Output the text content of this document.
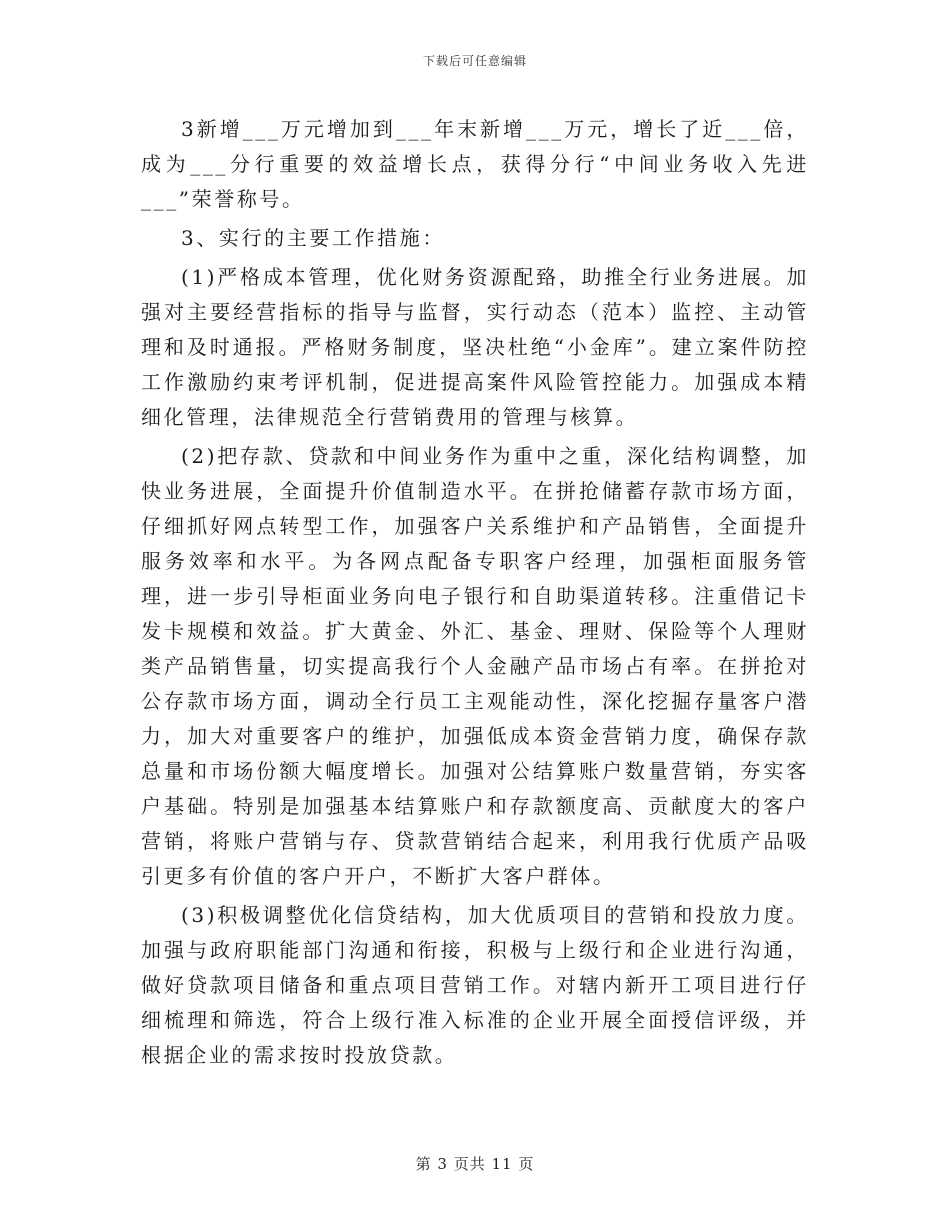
下载后可任意编辑

3新增___万元增加到___年末新增___万元，增长了近___倍，成为___分行重要的效益增长点，获得分行“中间业务收入先进___”荣誉称号。

3、实行的主要工作措施：

(1)严格成本管理，优化财务资源配臵，助推全行业务进展。加强对主要经营指标的指导与监督，实行动态（范本）监控、主动管理和及时通报。严格财务制度，坚决杜绝“小金库”。建立案件防控工作激励约束考评机制，促进提高案件风险管控能力。加强成本精细化管理，法律规范全行营销费用的管理与核算。

(2)把存款、贷款和中间业务作为重中之重，深化结构调整，加快业务进展，全面提升价值制造水平。在拼抢储蓄存款市场方面，仔细抓好网点转型工作，加强客户关系维护和产品销售，全面提升服务效率和水平。为各网点配备专职客户经理，加强柜面服务管理，进一步引导柜面业务向电子银行和自助渠道转移。注重借记卡发卡规模和效益。扩大黄金、外汇、基金、理财、保险等个人理财类产品销售量，切实提高我行个人金融产品市场占有率。在拼抢对公存款市场方面，调动全行员工主观能动性，深化挖掘存量客户潜力，加大对重要客户的维护，加强低成本资金营销力度，确保存款总量和市场份额大幅度增长。加强对公结算账户数量营销，夯实客户基础。特别是加强基本结算账户和存款额度高、贡献度大的客户营销，将账户营销与存、贷款营销结合起来，利用我行优质产品吸引更多有价值的客户开户，不断扩大客户群体。

(3)积极调整优化信贷结构，加大优质项目的营销和投放力度。加强与政府职能部门沟通和衔接，积极与上级行和企业进行沟通，做好贷款项目储备和重点项目营销工作。对辖内新开工项目进行仔细梳理和筛选，符合上级行准入标准的企业开展全面授信评级，并根据企业的需求按时投放贷款。

第 3 页共 11 页
